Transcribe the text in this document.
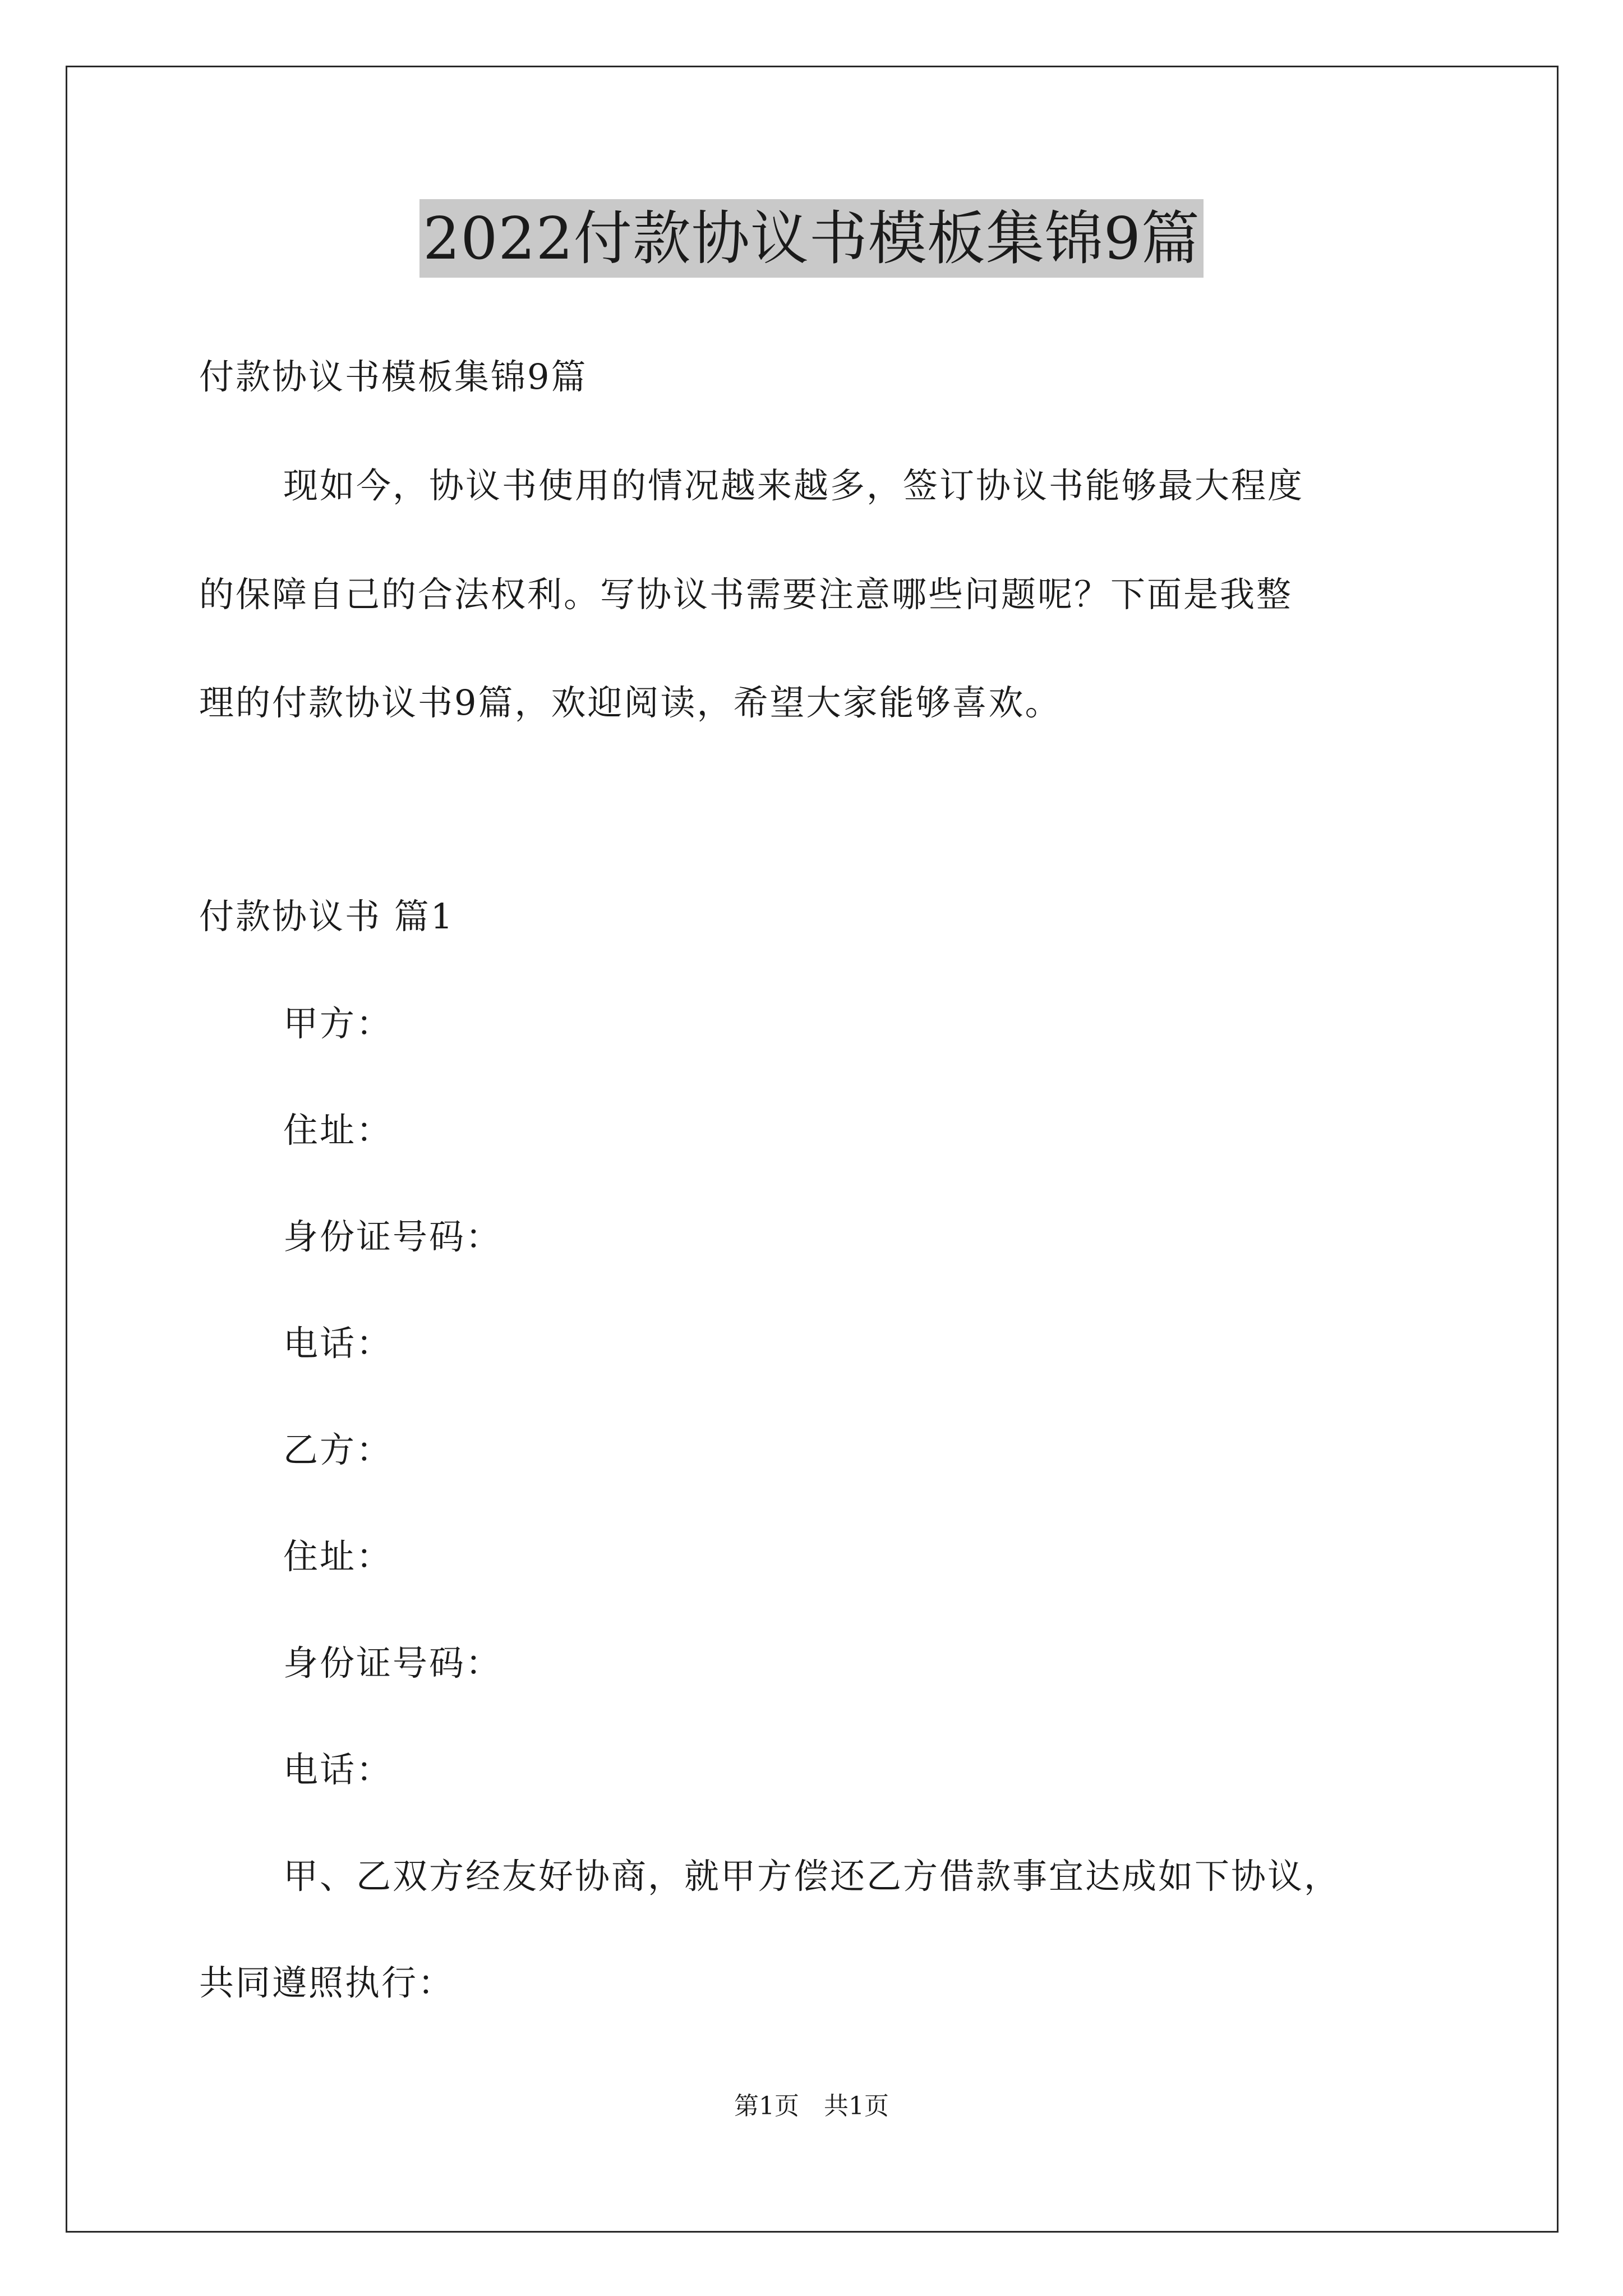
2022付款协议书模板集锦9篇
付款协议书模板集锦9篇
现如今，协议书使用的情况越来越多，签订协议书能够最大程度
的保障自己的合法权利。写协议书需要注意哪些问题呢？下面是我整
理的付款协议书9篇，欢迎阅读，希望大家能够喜欢。
付款协议书 篇1
甲方：
住址：
身份证号码：
电话：
乙方：
住址：
身份证号码：
电话：
甲、乙双方经友好协商，就甲方偿还乙方借款事宜达成如下协议，
共同遵照执行：
第1页　共1页
